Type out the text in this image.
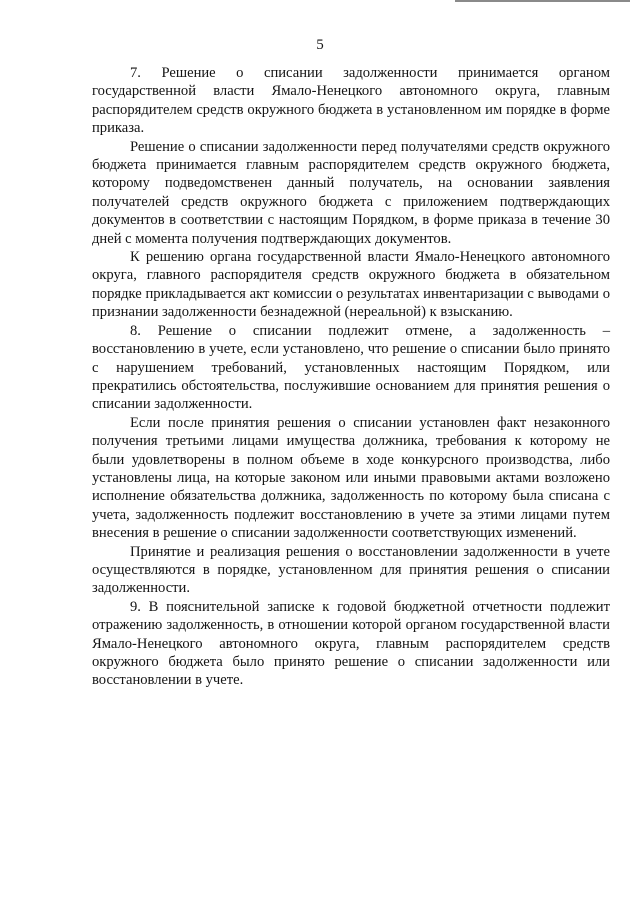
5

7. Решение о списании задолженности принимается органом государственной власти Ямало-Ненецкого автономного округа, главным распорядителем средств окружного бюджета в установленном им порядке в форме приказа.

Решение о списании задолженности перед получателями средств окружного бюджета принимается главным распорядителем средств окружного бюджета, которому подведомственен данный получатель, на основании заявления получателей средств окружного бюджета с приложением подтверждающих документов в соответствии с настоящим Порядком, в форме приказа в течение 30 дней с момента получения подтверждающих документов.

К решению органа государственной власти Ямало-Ненецкого автономного округа, главного распорядителя средств окружного бюджета в обязательном порядке прикладывается акт комиссии о результатах инвентаризации с выводами о признании задолженности безнадежной (нереальной) к взысканию.

8. Решение о списании подлежит отмене, а задолженность – восстановлению в учете, если установлено, что решение о списании было принято с нарушением требований, установленных настоящим Порядком, или прекратились обстоятельства, послужившие основанием для принятия решения о списании задолженности.

Если после принятия решения о списании установлен факт незаконного получения третьими лицами имущества должника, требования к которому не были удовлетворены в полном объеме в ходе конкурсного производства, либо установлены лица, на которые законом или иными правовыми актами возложено исполнение обязательства должника, задолженность по которому была списана с учета, задолженность подлежит восстановлению в учете за этими лицами путем внесения в решение о списании задолженности соответствующих изменений.

Принятие и реализация решения о восстановлении задолженности в учете осуществляются в порядке, установленном для принятия решения о списании задолженности.

9. В пояснительной записке к годовой бюджетной отчетности подлежит отражению задолженность, в отношении которой органом государственной власти Ямало-Ненецкого автономного округа, главным распорядителем средств окружного бюджета было принято решение о списании задолженности или восстановлении в учете.
